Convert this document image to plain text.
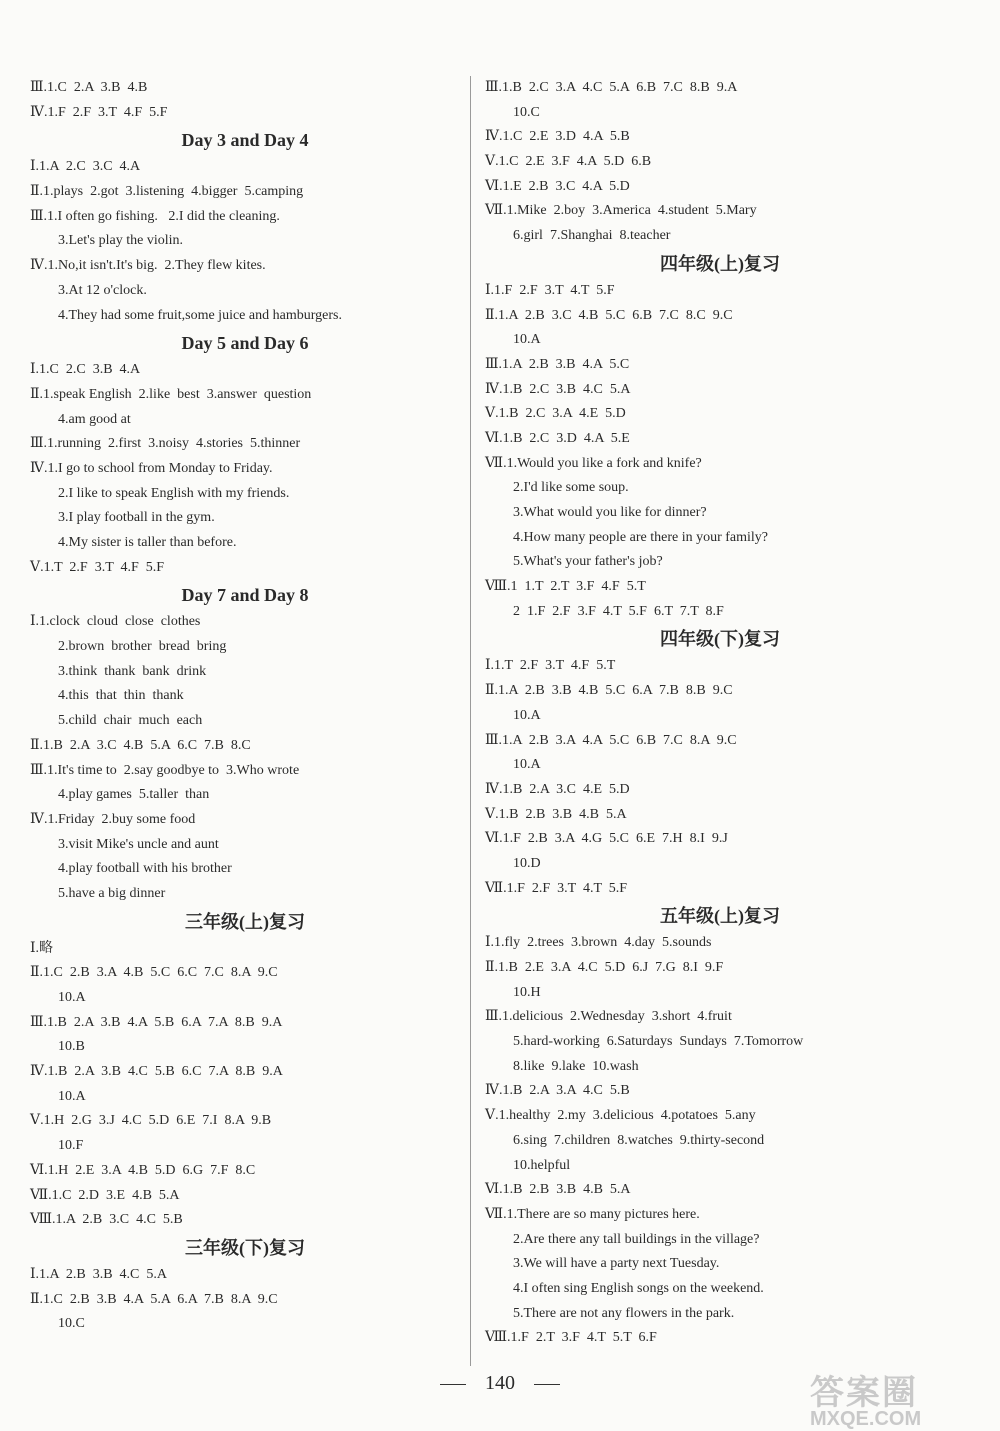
Ⅲ.1.C  2.A  3.B  4.B
Ⅳ.1.F  2.F  3.T  4.F  5.F
Day 3 and Day 4
Ⅰ.1.A  2.C  3.C  4.A
Ⅱ.1.plays  2.got  3.listening  4.bigger  5.camping
Ⅲ.1.I often go fishing.   2.I did the cleaning.
3.Let's play the violin.
Ⅳ.1.No,it isn't.It's big.  2.They flew kites.
3.At 12 o'clock.
4.They had some fruit,some juice and hamburgers.
Day 5 and Day 6
Ⅰ.1.C  2.C  3.B  4.A
Ⅱ.1.speak English  2.like  best  3.answer  question
4.am good at
Ⅲ.1.running  2.first  3.noisy  4.stories  5.thinner
Ⅳ.1.I go to school from Monday to Friday.
2.I like to speak English with my friends.
3.I play football in the gym.
4.My sister is taller than before.
Ⅴ.1.T  2.F  3.T  4.F  5.F
Day 7 and Day 8
Ⅰ.1.clock  cloud  close  clothes
2.brown  brother  bread  bring
3.think  thank  bank  drink
4.this  that  thin  thank
5.child  chair  much  each
Ⅱ.1.B  2.A  3.C  4.B  5.A  6.C  7.B  8.C
Ⅲ.1.It's time to  2.say goodbye to  3.Who wrote
4.play games  5.taller  than
Ⅳ.1.Friday  2.buy some food
3.visit Mike's uncle and aunt
4.play football with his brother
5.have a big dinner
三年级(上)复习
Ⅰ.略
Ⅱ.1.C  2.B  3.A  4.B  5.C  6.C  7.C  8.A  9.C
10.A
Ⅲ.1.B  2.A  3.B  4.A  5.B  6.A  7.A  8.B  9.A
10.B
Ⅳ.1.B  2.A  3.B  4.C  5.B  6.C  7.A  8.B  9.A
10.A
Ⅴ.1.H  2.G  3.J  4.C  5.D  6.E  7.I  8.A  9.B
10.F
Ⅵ.1.H  2.E  3.A  4.B  5.D  6.G  7.F  8.C
Ⅶ.1.C  2.D  3.E  4.B  5.A
Ⅷ.1.A  2.B  3.C  4.C  5.B
三年级(下)复习
Ⅰ.1.A  2.B  3.B  4.C  5.A
Ⅱ.1.C  2.B  3.B  4.A  5.A  6.A  7.B  8.A  9.C
10.C
Ⅲ.1.B  2.C  3.A  4.C  5.A  6.B  7.C  8.B  9.A
10.C
Ⅳ.1.C  2.E  3.D  4.A  5.B
Ⅴ.1.C  2.E  3.F  4.A  5.D  6.B
Ⅵ.1.E  2.B  3.C  4.A  5.D
Ⅶ.1.Mike  2.boy  3.America  4.student  5.Mary
6.girl  7.Shanghai  8.teacher
四年级(上)复习
Ⅰ.1.F  2.F  3.T  4.T  5.F
Ⅱ.1.A  2.B  3.C  4.B  5.C  6.B  7.C  8.C  9.C
10.A
Ⅲ.1.A  2.B  3.B  4.A  5.C
Ⅳ.1.B  2.C  3.B  4.C  5.A
Ⅴ.1.B  2.C  3.A  4.E  5.D
Ⅵ.1.B  2.C  3.D  4.A  5.E
Ⅶ.1.Would you like a fork and knife?
2.I'd like some soup.
3.What would you like for dinner?
4.How many people are there in your family?
5.What's your father's job?
Ⅷ.1  1.T  2.T  3.F  4.F  5.T
2  1.F  2.F  3.F  4.T  5.F  6.T  7.T  8.F
四年级(下)复习
Ⅰ.1.T  2.F  3.T  4.F  5.T
Ⅱ.1.A  2.B  3.B  4.B  5.C  6.A  7.B  8.B  9.C
10.A
Ⅲ.1.A  2.B  3.A  4.A  5.C  6.B  7.C  8.A  9.C
10.A
Ⅳ.1.B  2.A  3.C  4.E  5.D
Ⅴ.1.B  2.B  3.B  4.B  5.A
Ⅵ.1.F  2.B  3.A  4.G  5.C  6.E  7.H  8.I  9.J
10.D
Ⅶ.1.F  2.F  3.T  4.T  5.F
五年级(上)复习
Ⅰ.1.fly  2.trees  3.brown  4.day  5.sounds
Ⅱ.1.B  2.E  3.A  4.C  5.D  6.J  7.G  8.I  9.F
10.H
Ⅲ.1.delicious  2.Wednesday  3.short  4.fruit
5.hard-working  6.Saturdays  Sundays  7.Tomorrow
8.like  9.lake  10.wash
Ⅳ.1.B  2.A  3.A  4.C  5.B
Ⅴ.1.healthy  2.my  3.delicious  4.potatoes  5.any
6.sing  7.children  8.watches  9.thirty-second
10.helpful
Ⅵ.1.B  2.B  3.B  4.B  5.A
Ⅶ.1.There are so many pictures here.
2.Are there any tall buildings in the village?
3.We will have a party next Tuesday.
4.I often sing English songs on the weekend.
5.There are not any flowers in the park.
Ⅷ.1.F  2.T  3.F  4.T  5.T  6.F
140	答案圈
MXQE.COM
